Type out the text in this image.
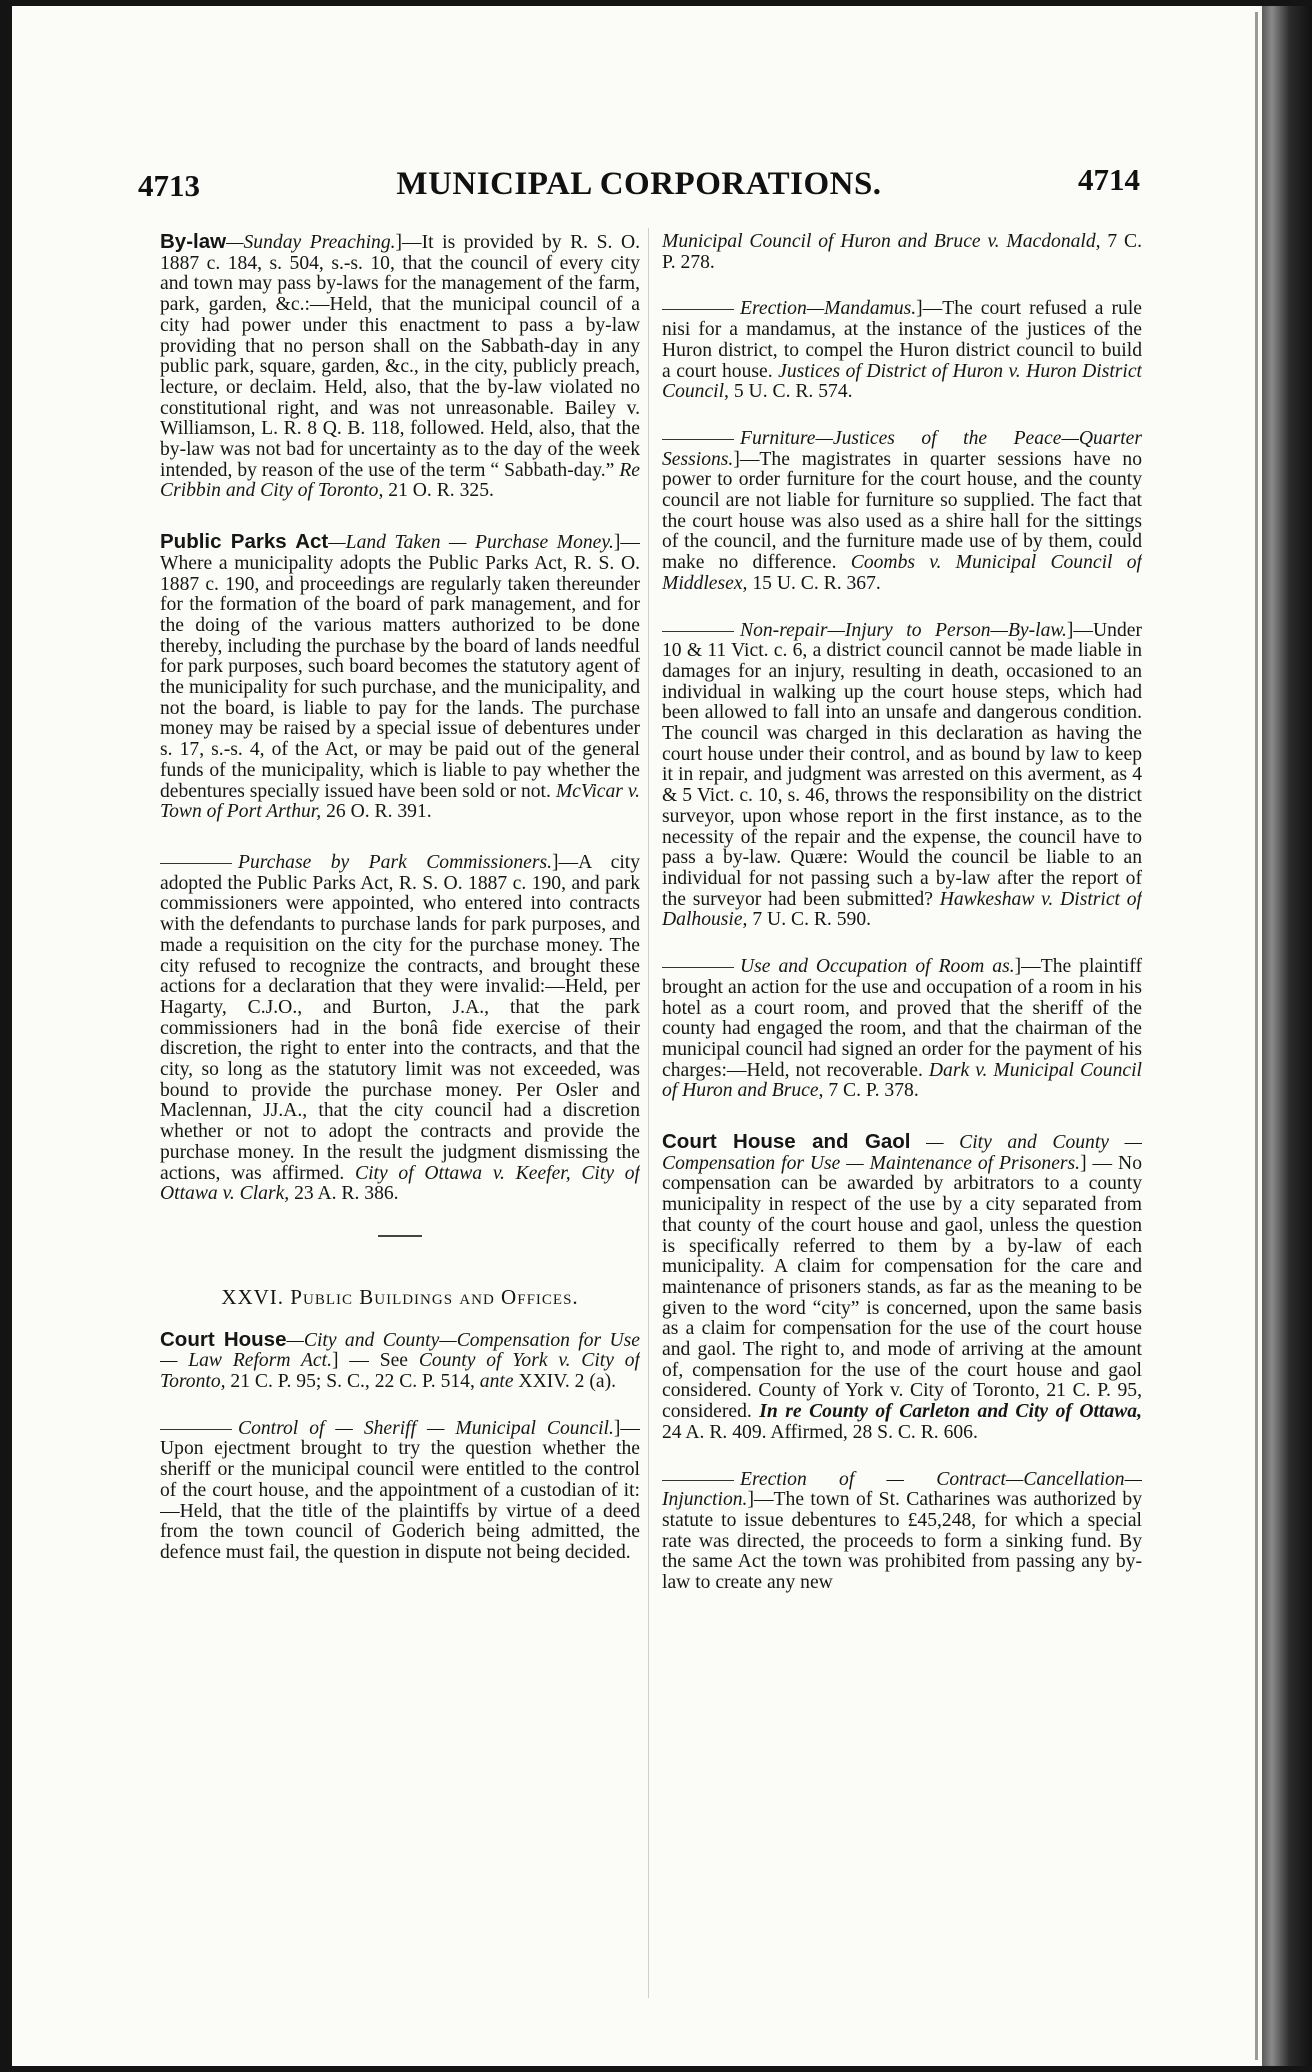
4713	MUNICIPAL CORPORATIONS.	4714

By-law—Sunday Preaching.]—It is provided by R. S. O. 1887 c. 184, s. 504, s.-s. 10, that the council of every city and town may pass by-laws for the management of the farm, park, garden, &c.:—Held, that the municipal council of a city had power under this enactment to pass a by-law providing that no person shall on the Sabbath-day in any public park, square, garden, &c., in the city, publicly preach, lecture, or declaim. Held, also, that the by-law violated no constitutional right, and was not unreasonable. Bailey v. Williamson, L. R. 8 Q. B. 118, followed. Held, also, that the by-law was not bad for uncertainty as to the day of the week intended, by reason of the use of the term “ Sabbath-day.” Re Cribbin and City of Toronto, 21 O. R. 325.

Public Parks Act—Land Taken — Purchase Money.]—Where a municipality adopts the Public Parks Act, R. S. O. 1887 c. 190, and proceedings are regularly taken thereunder for the formation of the board of park management, and for the doing of the various matters authorized to be done thereby, including the purchase by the board of lands needful for park purposes, such board becomes the statutory agent of the municipality for such purchase, and the municipality, and not the board, is liable to pay for the lands. The purchase money may be raised by a special issue of debentures under s. 17, s.-s. 4, of the Act, or may be paid out of the general funds of the municipality, which is liable to pay whether the debentures specially issued have been sold or not. McVicar v. Town of Port Arthur, 26 O. R. 391.

Purchase by Park Commissioners.]—A city adopted the Public Parks Act, R. S. O. 1887 c. 190, and park commissioners were appointed, who entered into contracts with the defendants to purchase lands for park purposes, and made a requisition on the city for the purchase money. The city refused to recognize the contracts, and brought these actions for a declaration that they were invalid:—Held, per Hagarty, C.J.O., and Burton, J.A., that the park commissioners had in the bonâ fide exercise of their discretion, the right to enter into the contracts, and that the city, so long as the statutory limit was not exceeded, was bound to provide the purchase money. Per Osler and Maclennan, JJ.A., that the city council had a discretion whether or not to adopt the contracts and provide the purchase money. In the result the judgment dismissing the actions, was affirmed. City of Ottawa v. Keefer, City of Ottawa v. Clark, 23 A. R. 386.

XXVI. Public Buildings and Offices.

Court House—City and County—Compensation for Use — Law Reform Act.] — See County of York v. City of Toronto, 21 C. P. 95; S. C., 22 C. P. 514, ante XXIV. 2 (a).

Control of — Sheriff — Municipal Council.]—Upon ejectment brought to try the question whether the sheriff or the municipal council were entitled to the control of the court house, and the appointment of a custodian of it:—Held, that the title of the plaintiffs by virtue of a deed from the town council of Goderich being admitted, the defence must fail, the question in dispute not being decided.

Municipal Council of Huron and Bruce v. Macdonald, 7 C. P. 278.

Erection—Mandamus.]—The court refused a rule nisi for a mandamus, at the instance of the justices of the Huron district, to compel the Huron district council to build a court house. Justices of District of Huron v. Huron District Council, 5 U. C. R. 574.

Furniture—Justices of the Peace—Quarter Sessions.]—The magistrates in quarter sessions have no power to order furniture for the court house, and the county council are not liable for furniture so supplied. The fact that the court house was also used as a shire hall for the sittings of the council, and the furniture made use of by them, could make no difference. Coombs v. Municipal Council of Middlesex, 15 U. C. R. 367.

Non-repair—Injury to Person—By-law.]—Under 10 & 11 Vict. c. 6, a district council cannot be made liable in damages for an injury, resulting in death, occasioned to an individual in walking up the court house steps, which had been allowed to fall into an unsafe and dangerous condition. The council was charged in this declaration as having the court house under their control, and as bound by law to keep it in repair, and judgment was arrested on this averment, as 4 & 5 Vict. c. 10, s. 46, throws the responsibility on the district surveyor, upon whose report in the first instance, as to the necessity of the repair and the expense, the council have to pass a by-law. Quære: Would the council be liable to an individual for not passing such a by-law after the report of the surveyor had been submitted? Hawkeshaw v. District of Dalhousie, 7 U. C. R. 590.

Use and Occupation of Room as.]—The plaintiff brought an action for the use and occupation of a room in his hotel as a court room, and proved that the sheriff of the county had engaged the room, and that the chairman of the municipal council had signed an order for the payment of his charges:—Held, not recoverable. Dark v. Municipal Council of Huron and Bruce, 7 C. P. 378.

Court House and Gaol — City and County — Compensation for Use — Maintenance of Prisoners.] — No compensation can be awarded by arbitrators to a county municipality in respect of the use by a city separated from that county of the court house and gaol, unless the question is specifically referred to them by a by-law of each municipality. A claim for compensation for the care and maintenance of prisoners stands, as far as the meaning to be given to the word “city” is concerned, upon the same basis as a claim for compensation for the use of the court house and gaol. The right to, and mode of arriving at the amount of, compensation for the use of the court house and gaol considered. County of York v. City of Toronto, 21 C. P. 95, considered. In re County of Carleton and City of Ottawa, 24 A. R. 409. Affirmed, 28 S. C. R. 606.

Erection of — Contract—Cancellation—Injunction.]—The town of St. Catharines was authorized by statute to issue debentures to £45,248, for which a special rate was directed, the proceeds to form a sinking fund. By the same Act the town was prohibited from passing any by-law to create any new
